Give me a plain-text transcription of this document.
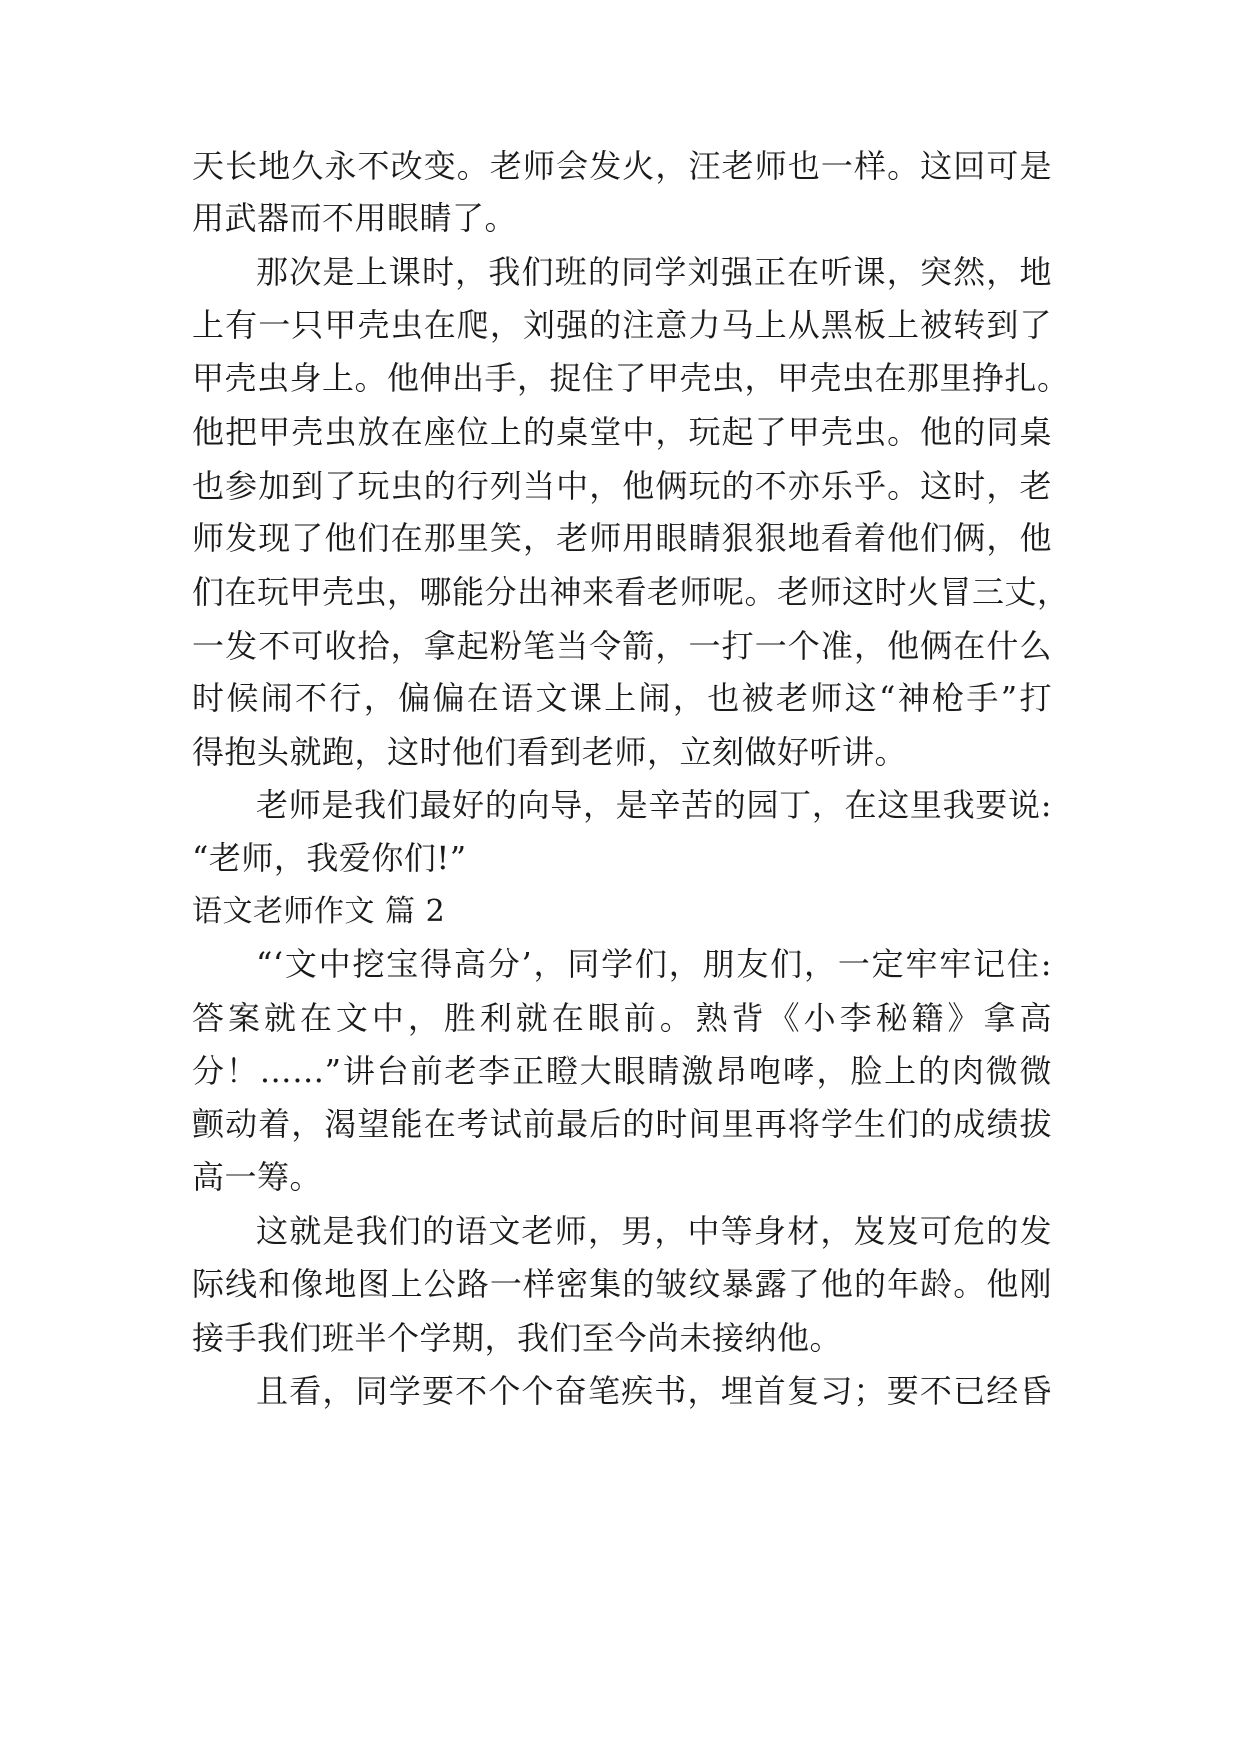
天长地久永不改变。老师会发火，汪老师也一样。这回可是
用武器而不用眼睛了。
那次是上课时，我们班的同学刘强正在听课，突然，地
上有一只甲壳虫在爬，刘强的注意力马上从黑板上被转到了
甲壳虫身上。他伸出手，捉住了甲壳虫，甲壳虫在那里挣扎。
他把甲壳虫放在座位上的桌堂中，玩起了甲壳虫。他的同桌
也参加到了玩虫的行列当中，他俩玩的不亦乐乎。这时，老
师发现了他们在那里笑，老师用眼睛狠狠地看着他们俩，他
们在玩甲壳虫，哪能分出神来看老师呢。老师这时火冒三丈，
一发不可收拾，拿起粉笔当令箭，一打一个准，他俩在什么
时候闹不行，偏偏在语文课上闹，也被老师这“神枪手”打
得抱头就跑，这时他们看到老师，立刻做好听讲。
老师是我们最好的向导，是辛苦的园丁，在这里我要说:
“老师，我爱你们!”
语文老师作文 篇 2
“‘文中挖宝得高分’，同学们，朋友们，一定牢牢记住:
答案就在文中，胜利就在眼前。熟背《小李秘籍》拿高
分！……”讲台前老李正瞪大眼睛激昂咆哮，脸上的肉微微
颤动着，渴望能在考试前最后的时间里再将学生们的成绩拔
高一筹。
这就是我们的语文老师，男，中等身材，岌岌可危的发
际线和像地图上公路一样密集的皱纹暴露了他的年龄。他刚
接手我们班半个学期，我们至今尚未接纳他。
且看，同学要不个个奋笔疾书，埋首复习；要不已经昏
